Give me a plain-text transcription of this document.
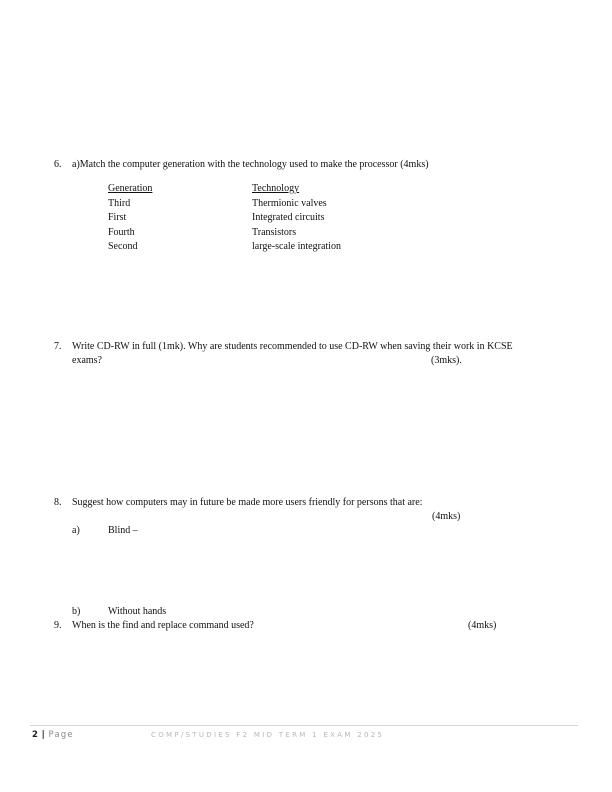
6. a)Match the computer generation with the technology used to make the processor (4mks)
Generation	Technology
Third	Thermionic valves
First	Integrated circuits
Fourth	Transistors
Second	large-scale integration
7. Write CD-RW in full (1mk). Why are students recommended to use CD-RW when saving their work in KCSE
exams?	(3mks).
8. Suggest how computers may in future be made more users friendly for persons that are:
(4mks)
a)	Blind –
b)	Without hands
9. When is the find and replace command used?	(4mks)
2 | Page	COMP/STUDIES F2 MID TERM 1 EXAM 2025
